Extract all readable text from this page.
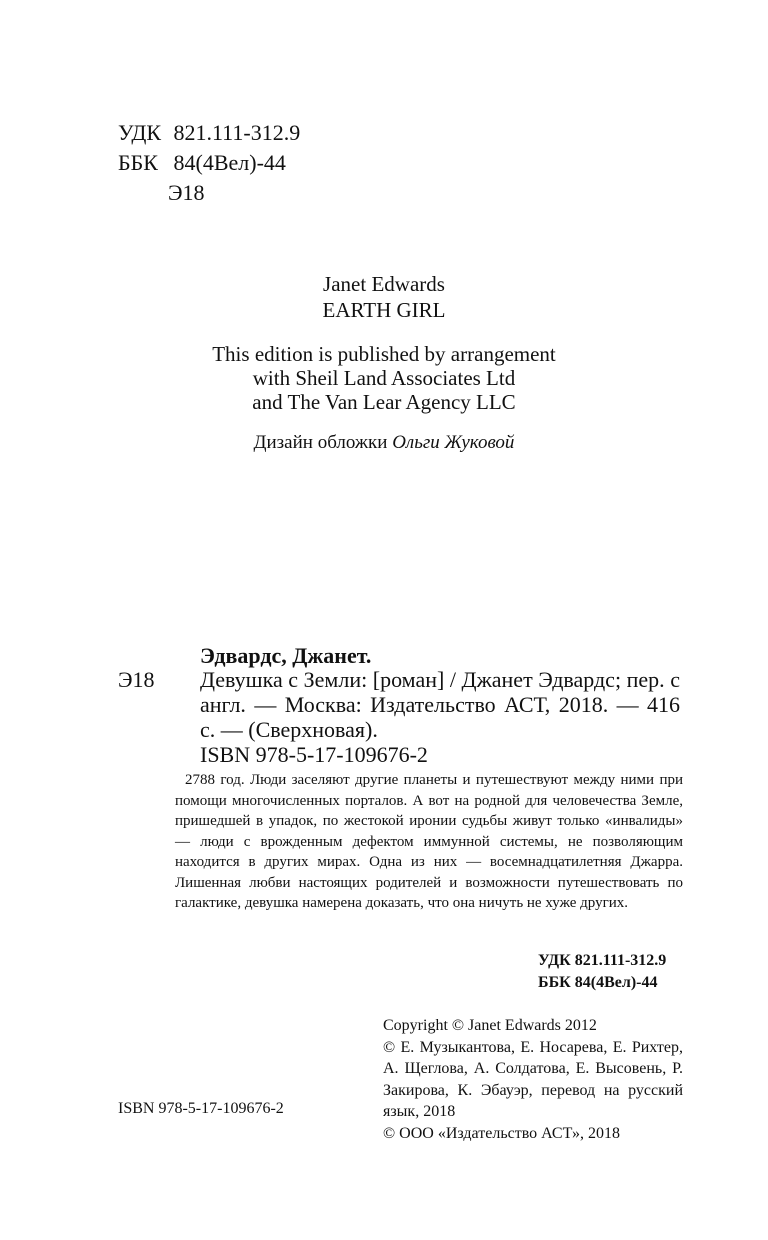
УДК 821.111-312.9
ББК 84(4Вел)-44
Э18
Janet Edwards
EARTH GIRL
This edition is published by arrangement
with Sheil Land Associates Ltd
and The Van Lear Agency LLC
Дизайн обложки Ольги Жуковой
Эдвардс, Джанет.
Э18 Девушка с Земли: [роман] / Джанет Эдвардс; пер. с англ. — Москва: Издательство АСТ, 2018. — 416 с. — (Сверхновая).
ISBN 978-5-17-109676-2
2788 год. Люди заселяют другие планеты и путешествуют между ними при помощи многочисленных порталов. А вот на родной для человечества Земле, пришедшей в упадок, по жестокой иронии судьбы живут только «инвалиды» — люди с врожденным дефектом иммунной системы, не позволяющим находится в других мирах. Одна из них — восемнадцатилетняя Джарра. Лишенная любви настоящих родителей и возможности путешествовать по галактике, девушка намерена доказать, что она ничуть не хуже других.
УДК 821.111-312.9
ББК 84(4Вел)-44

Copyright © Janet Edwards 2012

© Е. Музыкантова, Е. Носарева, Е. Рихтер, А. Щеглова, А. Солдатова, Е. Высовень, Р. Закирова, К. Эбауэр, перевод на русский язык, 2018

© ООО «Издательство АСТ», 2018

ISBN 978-5-17-109676-2
